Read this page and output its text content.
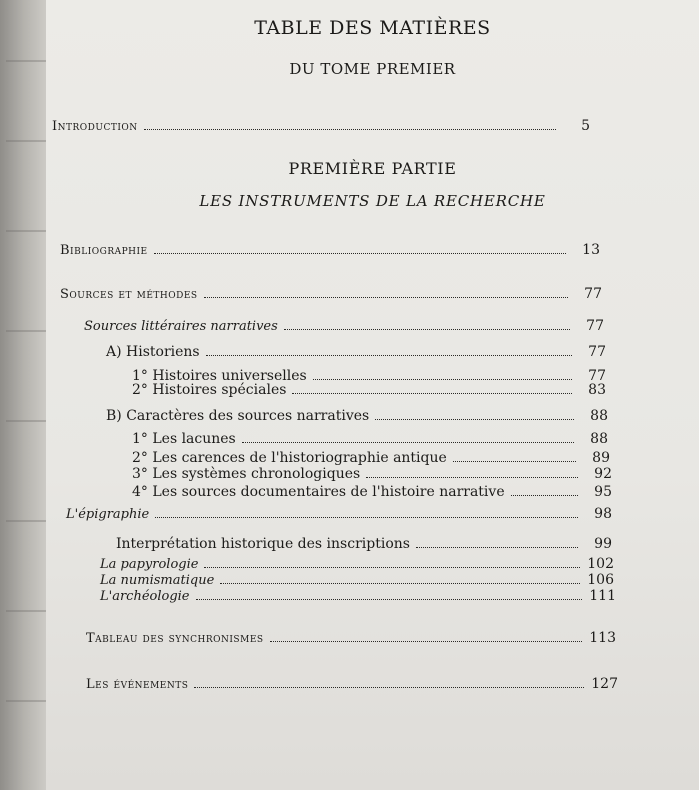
TABLE DES MATIÈRES
DU TOME PREMIER
Introduction	5
PREMIÈRE PARTIE
LES INSTRUMENTS DE LA RECHERCHE
Bibliographie	13
Sources et méthodes	77
Sources littéraires narratives	77
A) Historiens	77
1° Histoires universelles	77
2° Histoires spéciales	83
B) Caractères des sources narratives	88
1° Les lacunes	88
2° Les carences de l'historiographie antique	89
3° Les systèmes chronologiques	92
4° Les sources documentaires de l'histoire narrative	95
L'épigraphie	98
Interprétation historique des inscriptions	99
La papyrologie	102
La numismatique	106
L'archéologie	111
Tableau des synchronismes	113
Les événements	127
